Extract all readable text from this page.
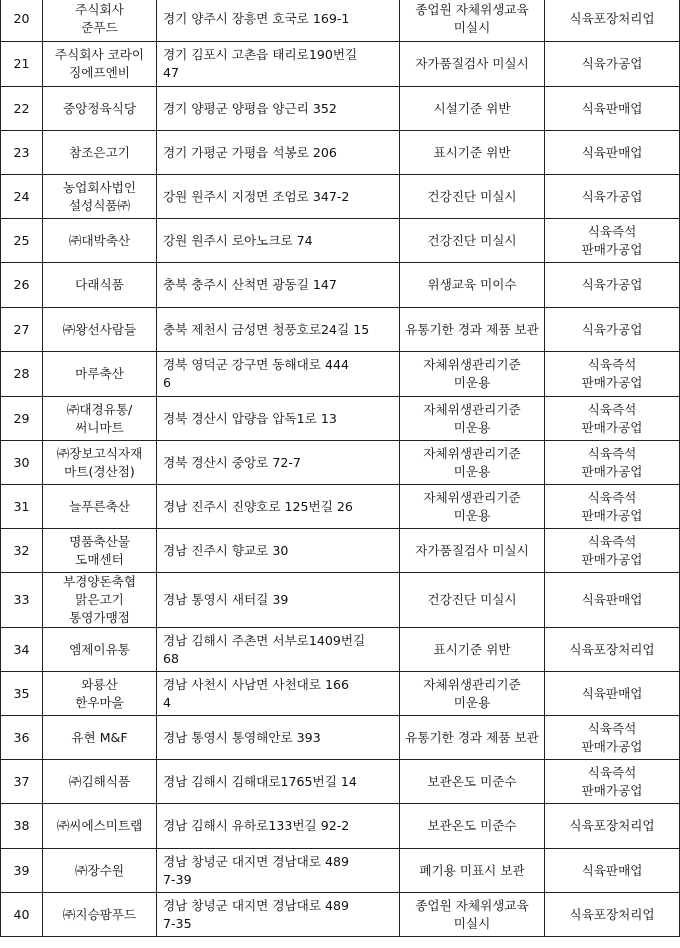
20	주식회사
준푸드	경기 양주시 장흥면 호국로 169-1	종업원 자체위생교육
미실시	식육포장처리업

21	주식회사 코라이
징에프엔비	경기 김포시 고촌읍 태리로190번길
47	자가품질검사 미실시	식육가공업

22	중앙정육식당	경기 양평군 양평읍 양근리 352	시설기준 위반	식육판매업

23	참조은고기	경기 가평군 가평읍 석봉로 206	표시기준 위반	식육판매업

24	농업회사법인
설성식품㈜	강원 원주시 지정면 조엄로 347-2	건강진단 미실시	식육가공업

25	㈜대박축산	강원 원주시 로아노크로 74	건강진단 미실시	식육즉석
판매가공업

26	다래식품	충북 충주시 산척면 광동길 147	위생교육 미이수	식육가공업

27	㈜왕선사람들	충북 제천시 금성면 청풍호로24길 15	유통기한 경과 제품 보관	식육가공업

28	마루축산	경북 영덕군 강구면 동해대로 444
6	자체위생관리기준
미운용	식육즉석
판매가공업

29	㈜대경유통/
써니마트	경북 경산시 압량읍 압독1로 13	자체위생관리기준
미운용	식육즉석
판매가공업

30	㈜장보고식자재
마트(경산점)	경북 경산시 중앙로 72-7	자체위생관리기준
미운용	식육즉석
판매가공업

31	늘푸른축산	경남 진주시 진양호로 125번길 26	자체위생관리기준
미운용	식육즉석
판매가공업

32	명품축산물
도매센터	경남 진주시 향교로 30	자가품질검사 미실시	식육즉석
판매가공업

33	부경양돈축협
맑은고기
통영가맹점	경남 통영시 새터길 39	건강진단 미실시	식육판매업

34	엠제이유통	경남 김해시 주촌면 서부로1409번길
68	표시기준 위반	식육포장처리업

35	와룡산
한우마을	경남 사천시 사남면 사천대로 166
4	자체위생관리기준
미운용	식육판매업

36	유현 M&F	경남 통영시 통영해안로 393	유통기한 경과 제품 보관	식육즉석
판매가공업

37	㈜김해식품	경남 김해시 김해대로1765번길 14	보관온도 미준수	식육즉석
판매가공업

38	㈜씨에스미트랩	경남 김해시 유하로133번길 92-2	보관온도 미준수	식육포장처리업

39	㈜장수원	경남 창녕군 대지면 경남대로 489
7-39	폐기용 미표시 보관	식육판매업

40	㈜지승팜푸드	경남 창녕군 대지면 경남대로 489
7-35	종업원 자체위생교육
미실시	식육포장처리업
